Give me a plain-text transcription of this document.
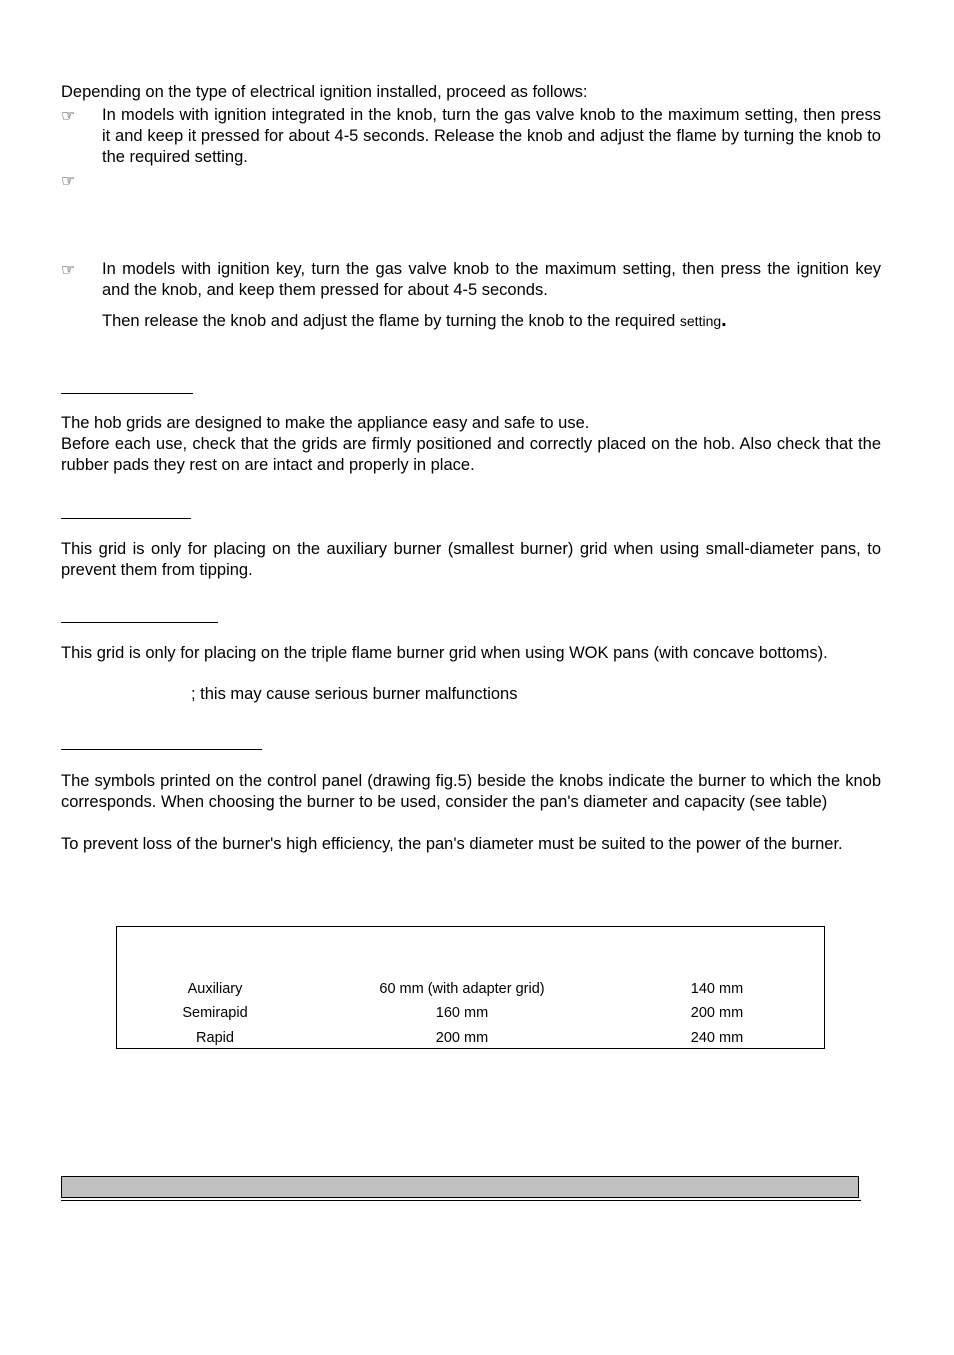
Depending on the type of electrical ignition installed, proceed as follows:
☞ In models with ignition integrated in the knob, turn the gas valve knob to the maximum setting, then press it and keep it pressed for about 4-5 seconds. Release the knob and adjust the flame by turning the knob to the required setting.
☞
☞ In models with ignition key, turn the gas valve knob to the maximum setting, then press the ignition key and the knob, and keep them pressed for about 4-5 seconds.
Then release the knob and adjust the flame by turning the knob to the required setting.
The hob grids are designed to make the appliance easy and safe to use.
Before each use, check that the grids are firmly positioned and correctly placed on the hob. Also check that the rubber pads they rest on are intact and properly in place.
This grid is only for placing on the auxiliary burner (smallest burner) grid when using small-diameter pans, to prevent them from tipping.
This grid is only for placing on the triple flame burner grid when using WOK pans (with concave bottoms).
; this may cause serious burner malfunctions
The symbols printed on the control panel (drawing fig.5) beside the knobs indicate the burner to which the knob corresponds. When choosing the burner to be used, consider the pan's diameter and capacity (see table)
To prevent loss of the burner's high efficiency, the pan's diameter must be suited to the power of the burner.
Auxiliary	60 mm (with adapter grid)	140 mm
Semirapid	160 mm	200 mm
Rapid	200 mm	240 mm
